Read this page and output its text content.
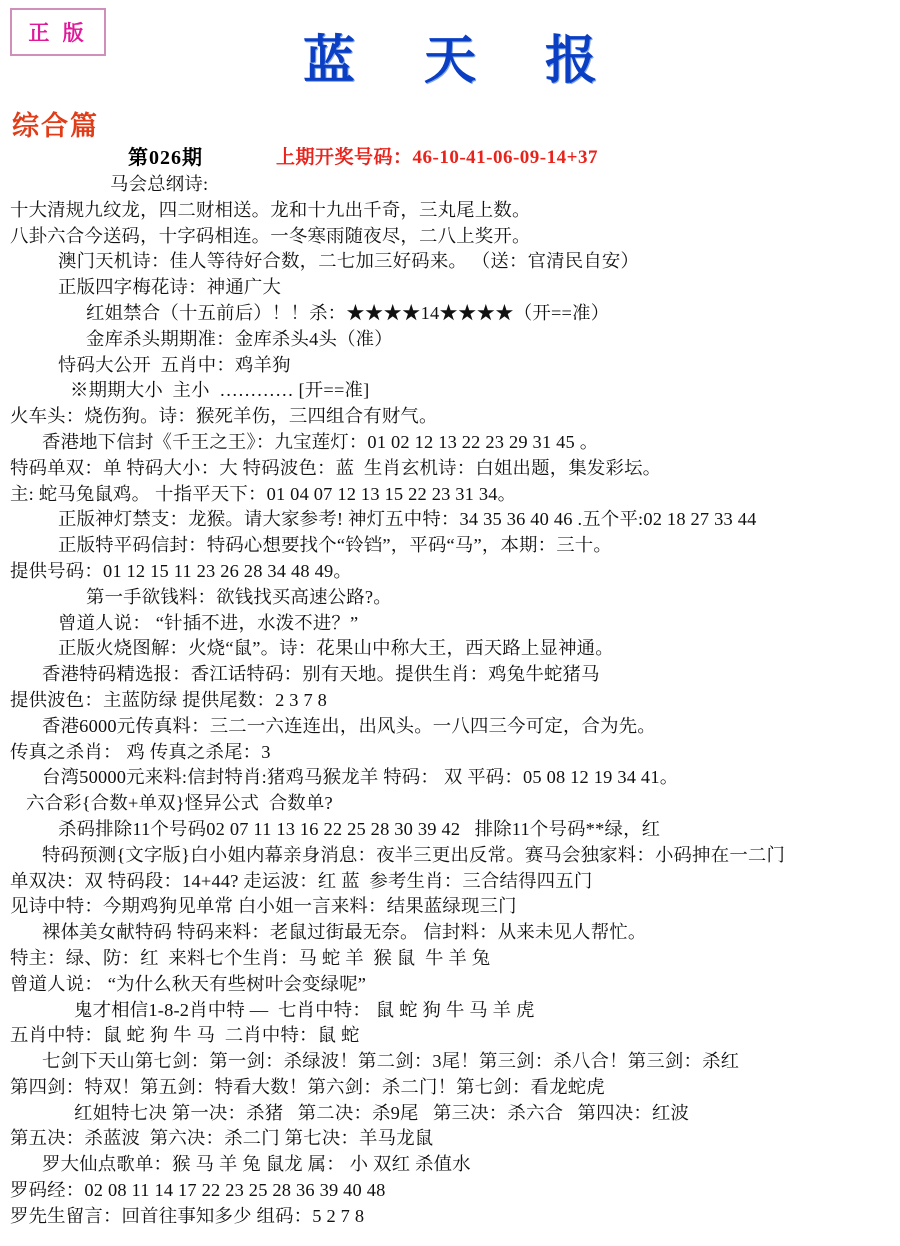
正 版	蓝 天 报
综合篇
第026期	上期开奖号码：46-10-41-06-09-14+37
马会总纲诗:
十大清规九纹龙，四二财相送。龙和十九出千奇，三丸尾上数。
八卦六合今送码，十字码相连。一冬寒雨随夜尽，二八上奖开。
澳门天机诗：佳人等待好合数，二七加三好码来。 （送：官清民自安）
正版四字梅花诗：神通广大
红姐禁合（十五前后）！！杀：★★★★14★★★★（开==准）
金库杀头期期准：金库杀头4头（准）
恃码大公开  五肖中：鸡羊狗
※期期大小  主小  ………… [开==准]
火车头：烧伤狗。诗：猴死羊伤，三四组合有财气。
香港地下信封《千王之王》：九宝莲灯：01 02 12 13 22 23 29 31 45 。
特码单双：单 特码大小：大 特码波色：蓝  生肖玄机诗：白姐出题，集发彩坛。
主: 蛇马兔鼠鸡。 十指平天下：01 04 07 12 13 15 22 23 31 34。
正版神灯禁支：龙猴。请大家参考! 神灯五中特：34 35 36 40 46 .五个平:02 18 27 33 44
正版特平码信封：特码心想要找个“铃铛”，平码“马”，本期：三十。
提供号码：01 12 15 11 23 26 28 34 48 49。
第一手欲钱料：欲钱找买高速公路?。
曾道人说： “针插不进，水泼不进？”
正版火烧图解：火烧“鼠”。诗：花果山中称大王，西天路上显神通。
香港特码精选报：香江话特码：别有天地。提供生肖：鸡兔牛蛇猪马
提供波色：主蓝防绿 提供尾数：2 3 7 8
香港6000元传真料：三二一六连连出，出风头。一八四三今可定，合为先。
传真之杀肖： 鸡 传真之杀尾：3
台湾50000元来料:信封特肖:猪鸡马猴龙羊 特码： 双 平码：05 08 12 19 34 41。
六合彩{合数+单双}怪异公式  合数单?
杀码排除11个号码02 07 11 13 16 22 25 28 30 39 42   排除11个号码**绿，红
特码预测{文字版}白小姐内幕亲身消息：夜半三更出反常。赛马会独家料：小码抻在一二门
单双决：双 特码段：14+44? 走运波：红 蓝  参考生肖：三合结得四五门
见诗中特：今期鸡狗见单常 白小姐一言来料：结果蓝绿现三门
裸体美女献特码 特码来料：老鼠过街最无奈。 信封料：从来未见人帮忙。
特主：绿、防：红  来料七个生肖：马 蛇 羊  猴 鼠  牛 羊 兔
曾道人说： “为什么秋天有些树叶会变绿呢”
鬼才相信1-8-2肖中特 —  七肖中特： 鼠 蛇 狗 牛 马 羊 虎
五肖中特：鼠 蛇 狗 牛 马  二肖中特：鼠 蛇
七剑下天山第七剑：第一剑：杀绿波！第二剑：3尾！第三剑：杀八合！第三剑：杀红
第四剑：特双！第五剑：特看大数！第六剑：杀二门！第七剑：看龙蛇虎
红姐特七决 第一决：杀猪   第二决：杀9尾   第三决：杀六合   第四决：红波
第五决：杀蓝波  第六决：杀二门 第七决：羊马龙鼠
罗大仙点歌单：猴 马 羊 兔 鼠龙 属： 小 双红 杀值水
罗码经：02 08 11 14 17 22 23 25 28 36 39 40 48
罗先生留言：回首往事知多少 组码：5 2 7 8
